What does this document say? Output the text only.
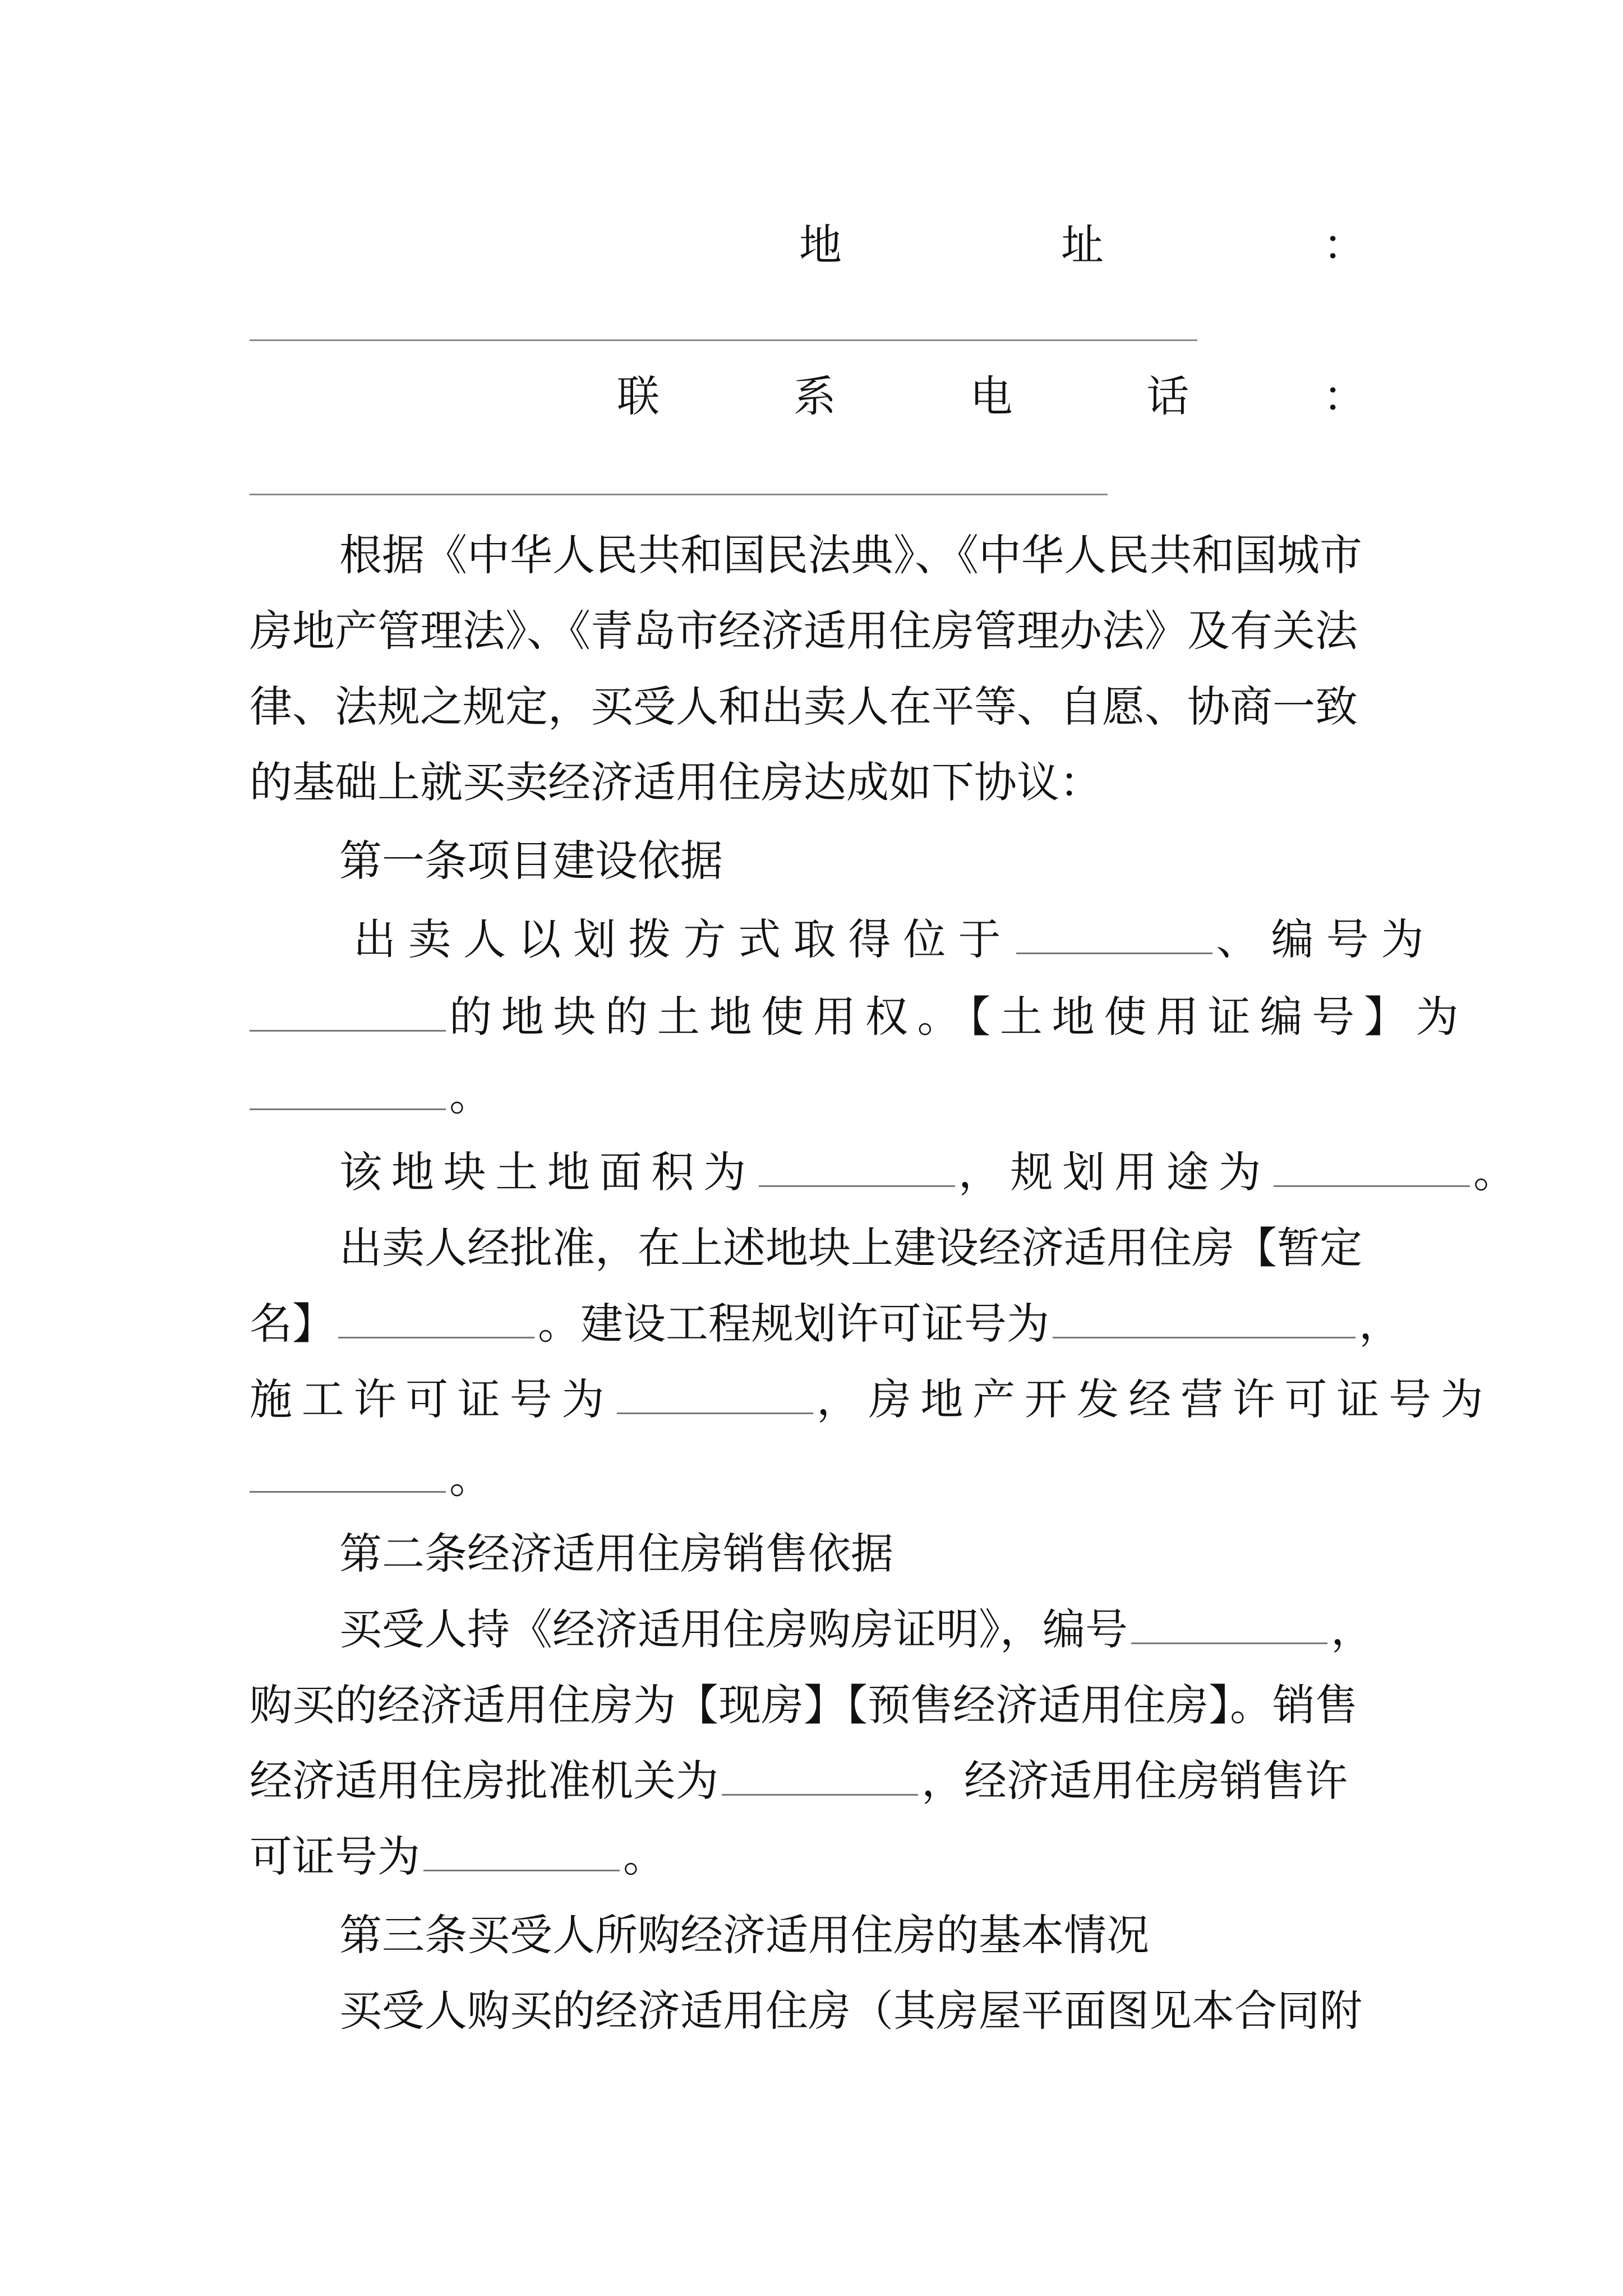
地	址	：
联	系	电	话	：
根据《中华人民共和国民法典》、《中华人民共和国城市
房地产管理法》、《青岛市经济适用住房管理办法》及有关法
律、法规之规定，买受人和出卖人在平等、自愿、协商一致
的基础上就买卖经济适用住房达成如下协议：
第一条项目建设依据
出卖人以划拨方式取得位于	、编号为
的地块的土地使用权。【土地使用证编号】为
。
该地块土地面积为	，规划用途为	。
出卖人经批准，在上述地块上建设经济适用住房【暂定
名】	。建设工程规划许可证号为	，
施工许可证号为	，房地产开发经营许可证号为
。
第二条经济适用住房销售依据
买受人持《经济适用住房购房证明》，编号	，
购买的经济适用住房为【现房】【预售经济适用住房】。销售
经济适用住房批准机关为	，经济适用住房销售许
可证号为	。
第三条买受人所购经济适用住房的基本情况
买受人购买的经济适用住房（其房屋平面图见本合同附
